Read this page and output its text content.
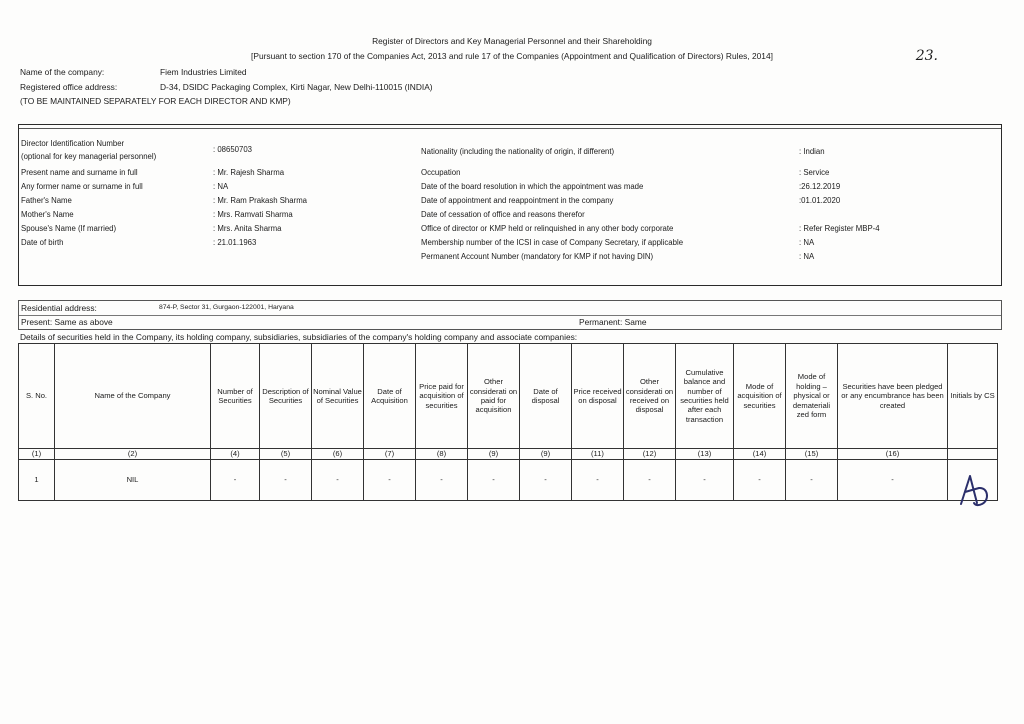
Register of Directors and Key Managerial Personnel and their Shareholding
[Pursuant to section 170 of the Companies Act, 2013 and rule 17 of the Companies (Appointment and Qualification of Directors) Rules, 2014]	23.
Name of the company:	Fiem Industries Limited
Registered office address:	D-34, DSIDC Packaging Complex, Kirti Nagar, New Delhi-110015 (INDIA)
(TO BE MAINTAINED SEPARATELY FOR EACH DIRECTOR AND KMP)
Director Identification Number
(optional for key managerial personnel)
: 08650703
Present name and surname in full	: Mr. Rajesh Sharma
Any former name or surname in full	: NA
Father's Name	: Mr. Ram Prakash Sharma
Mother's Name	: Mrs. Ramvati Sharma
Spouse's Name (If married)	: Mrs. Anita Sharma
Date of birth	: 21.01.1963
Nationality (including the nationality of origin, if different)	: Indian
Occupation	: Service
Date of the board resolution in which the appointment was made	:26.12.2019
Date of appointment and reappointment in the company	:01.01.2020
Date of cessation of office and reasons therefor
Office of director or KMP held or relinquished in any other body corporate	: Refer Register MBP-4
Membership number of the ICSI in case of Company Secretary, if applicable	: NA
Permanent Account Number (mandatory for KMP if not having DIN)	: NA
Residential address:	874-P, Sector 31, Gurgaon-122001, Haryana
Present: Same as above	Permanent: Same
Details of securities held in the Company, its holding company, subsidiaries, subsidiaries of the company's holding company and associate companies:
S. No.	Name of the Company	Number of Securities	Description of Securities	Nominal Value of Securities	Date of Acquisition	Price paid for acquisition of securities	Other considerati on paid for acquisition	Date of disposal	Price received on disposal	Other considerati on received on disposal	Cumulative balance and number of securities held after each transaction	Mode of acquisition of securities	Mode of holding – physical or demateriali zed form	Securities have been pledged or any encumbrance has been created	Initials by CS
(1)	(2)	(4)	(5)	(6)	(7)	(8)	(9)	(9)	(11)	(12)	(13)	(14)	(15)	(16)	
1	NIL	-	-	-	-	-	-	-	-	-	-	-	-	-	
